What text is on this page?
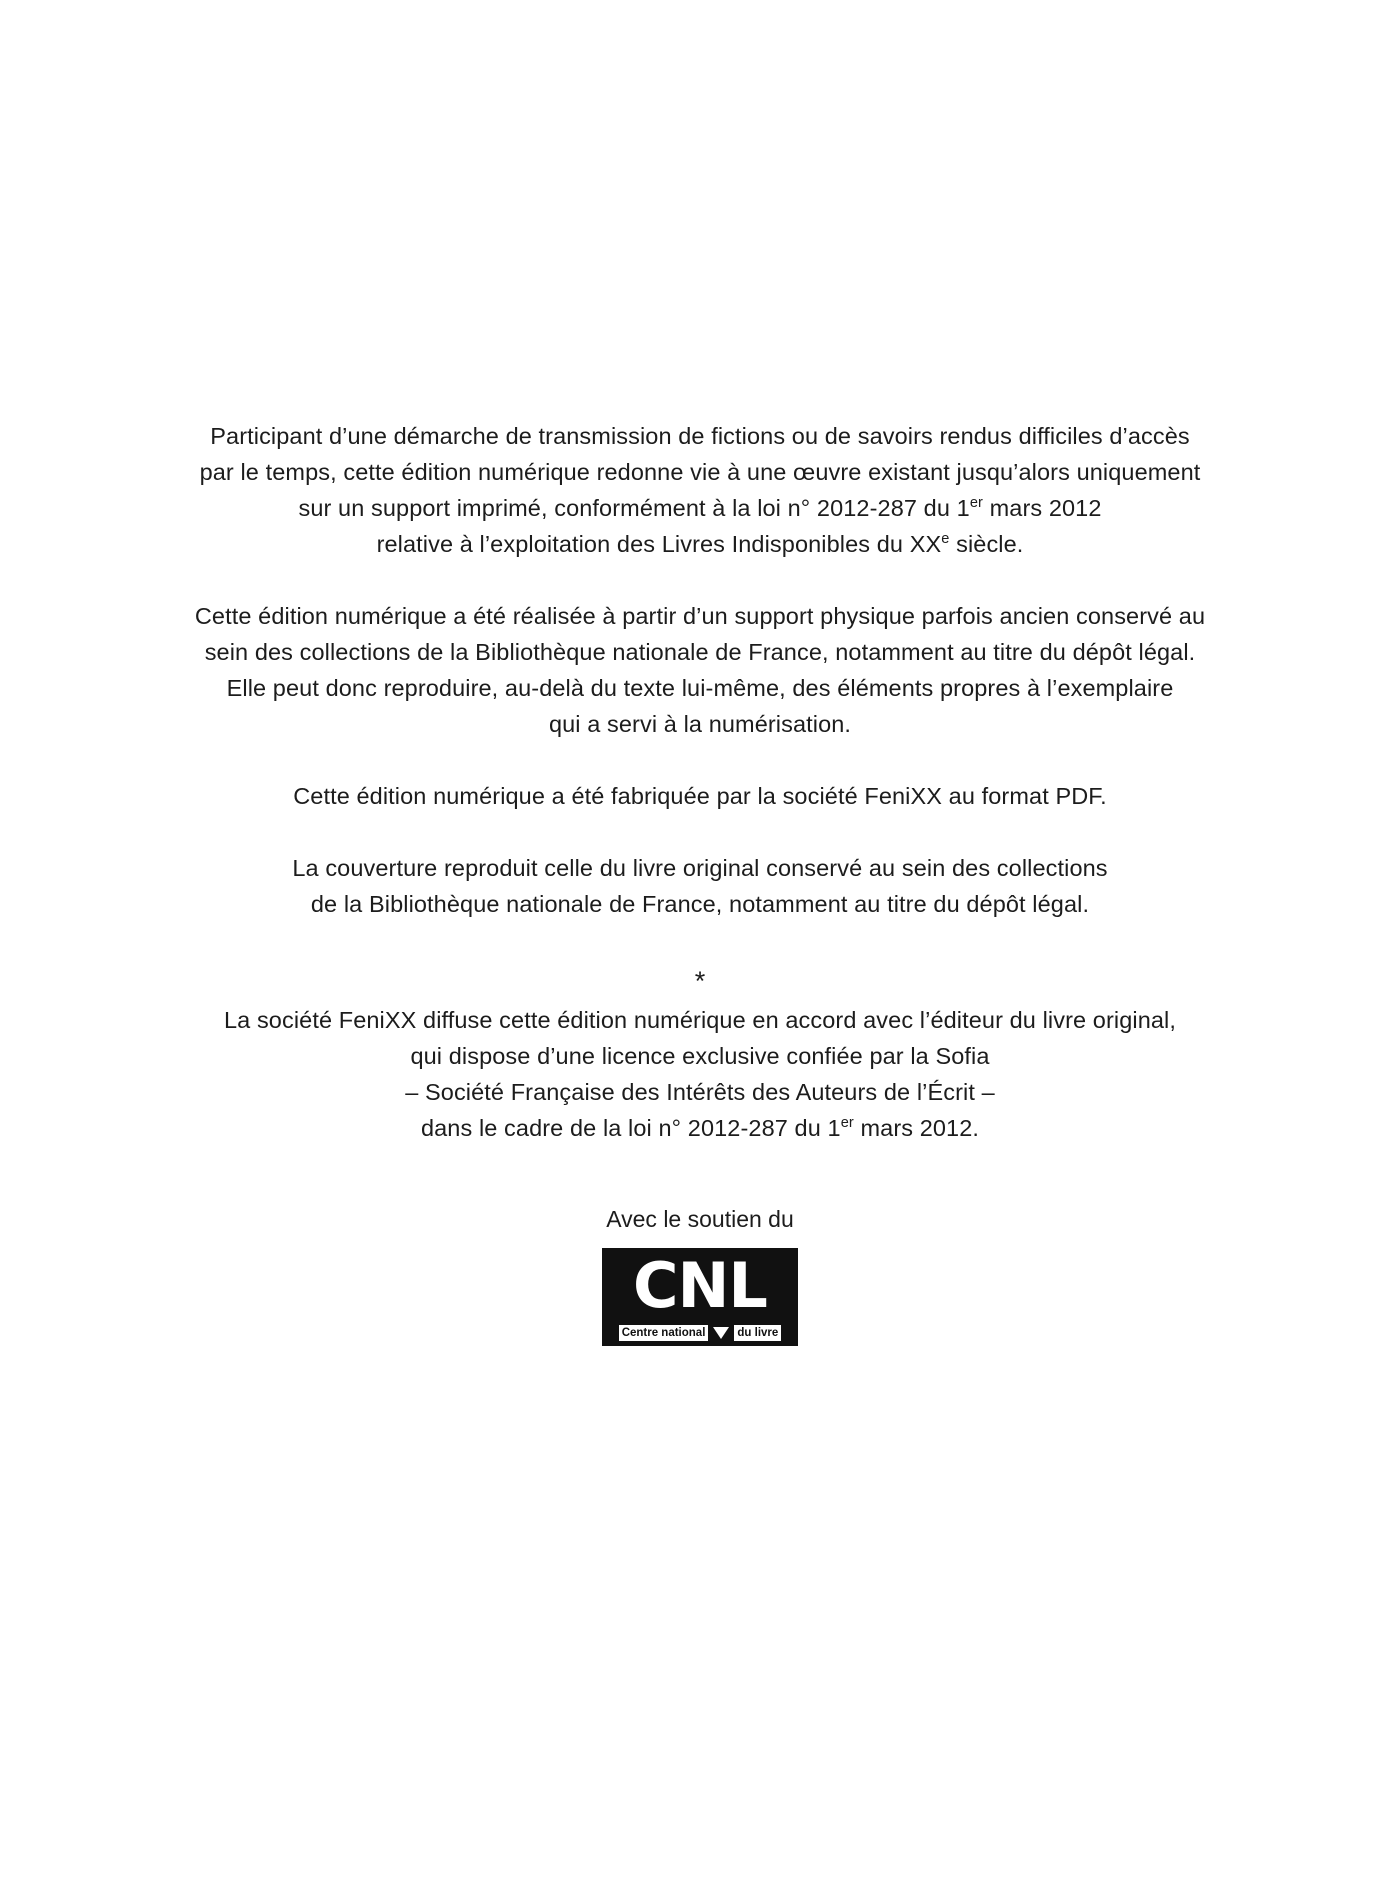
Participant d’une démarche de transmission de fictions ou de savoirs rendus difficiles d’accès
par le temps, cette édition numérique redonne vie à une œuvre existant jusqu’alors uniquement
sur un support imprimé, conformément à la loi n° 2012-287 du 1er mars 2012
relative à l’exploitation des Livres Indisponibles du XXe siècle.
Cette édition numérique a été réalisée à partir d’un support physique parfois ancien conservé au
sein des collections de la Bibliothèque nationale de France, notamment au titre du dépôt légal.
Elle peut donc reproduire, au-delà du texte lui-même, des éléments propres à l’exemplaire
qui a servi à la numérisation.
Cette édition numérique a été fabriquée par la société FeniXX au format PDF.
La couverture reproduit celle du livre original conservé au sein des collections
de la Bibliothèque nationale de France, notamment au titre du dépôt légal.
*
La société FeniXX diffuse cette édition numérique en accord avec l’éditeur du livre original,
qui dispose d’une licence exclusive confiée par la Sofia
– Société Française des Intérêts des Auteurs de l’Écrit –
dans le cadre de la loi n° 2012-287 du 1er mars 2012.
Avec le soutien du
CNL
Centre national	du livre
